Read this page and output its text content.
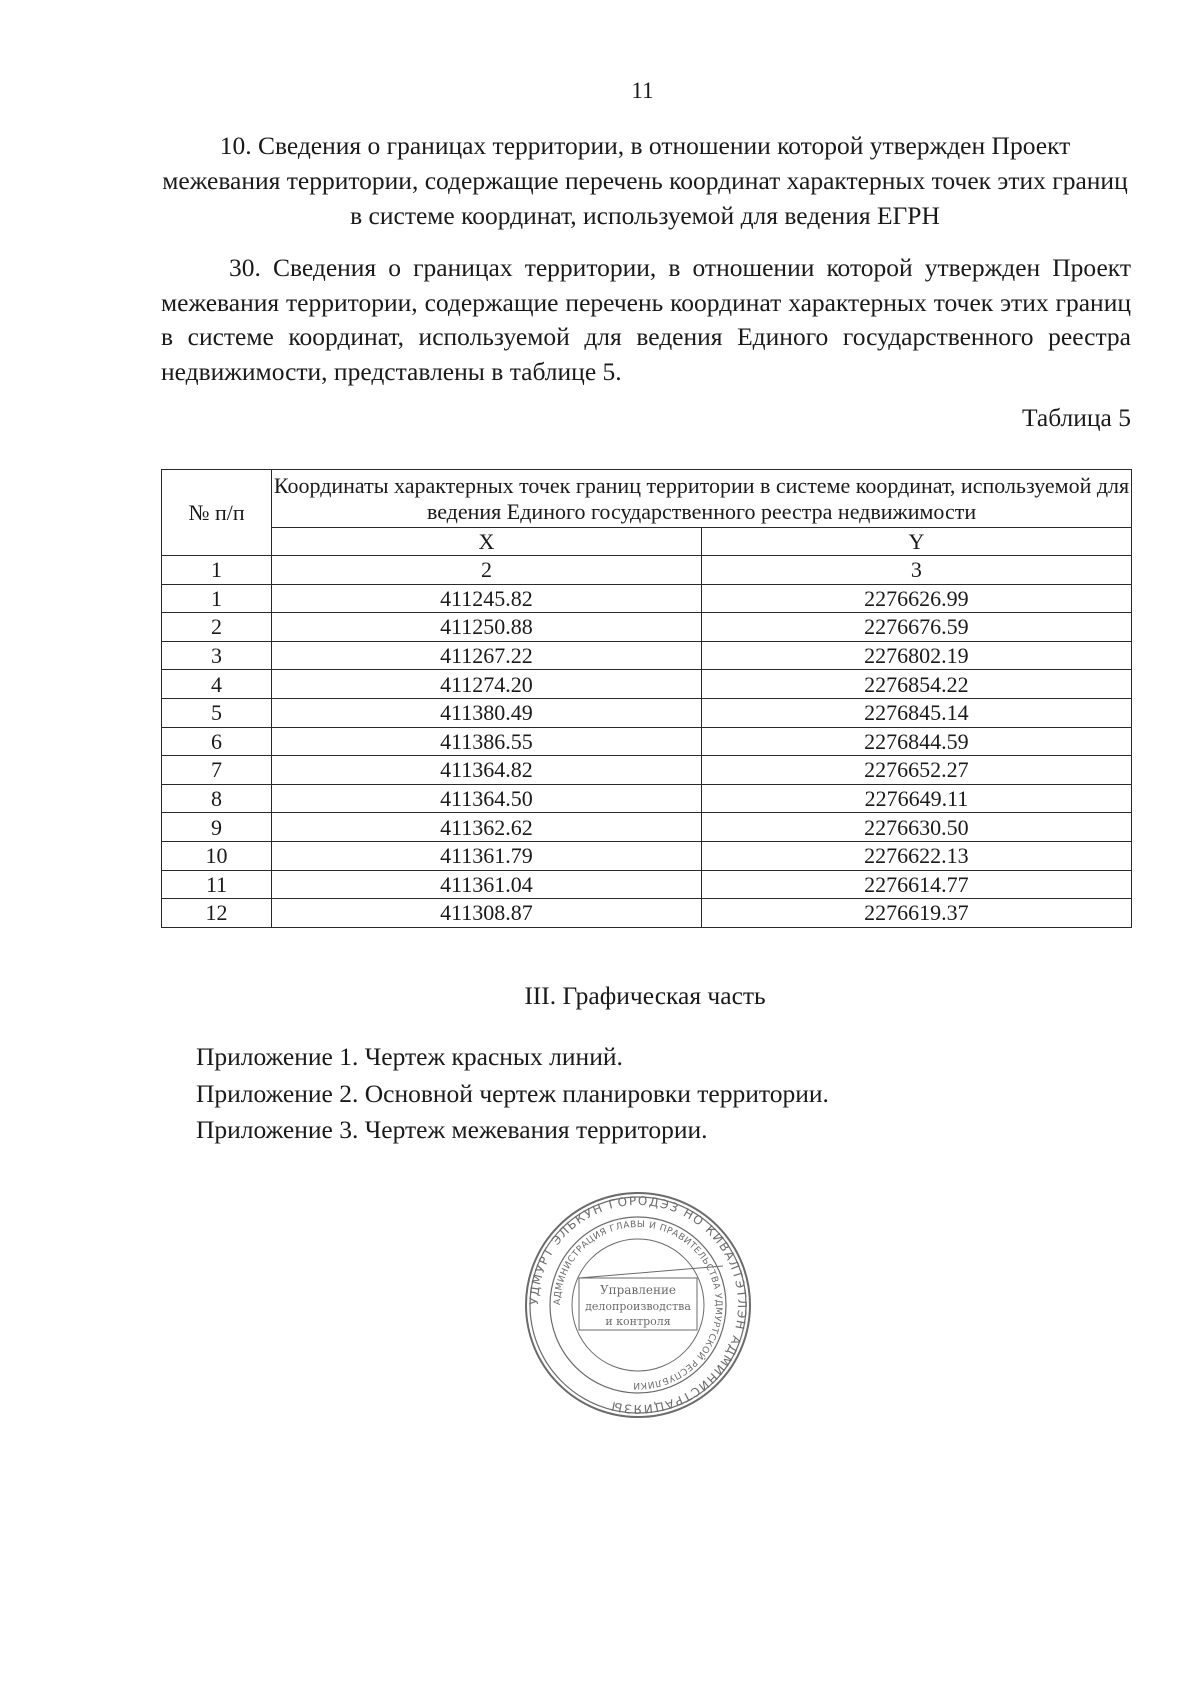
11
10. Сведения о границах территории, в отношении которой утвержден Проект межевания территории, содержащие перечень координат характерных точек этих границ в системе координат, используемой для ведения ЕГРН
30. Сведения о границах территории, в отношении которой утвержден Проект межевания территории, содержащие перечень координат характерных точек этих границ в системе координат, используемой для ведения Единого государственного реестра недвижимости, представлены в таблице 5.
Таблица 5
№ п/п	Координаты характерных точек границ территории в системе координат, используемой для ведения Единого государственного реестра недвижимости	
	X	Y
1	2	3
1	411245.82	2276626.99
2	411250.88	2276676.59
3	411267.22	2276802.19
4	411274.20	2276854.22
5	411380.49	2276845.14
6	411386.55	2276844.59
7	411364.82	2276652.27
8	411364.50	2276649.11
9	411362.62	2276630.50
10	411361.79	2276622.13
11	411361.04	2276614.77
12	411308.87	2276619.37
III. Графическая часть
Приложение 1. Чертеж красных линий.
Приложение 2. Основной чертеж планировки территории.
Приложение 3. Чертеж межевания территории.
УДМУРТ ЭЛЬКУН ГОРОДЭЗ НО КИВАЛТЭТЛЭН АДМИНИСТРАЦИЯЗЫ
АДМИНИСТРАЦИЯ ГЛАВЫ И ПРАВИТЕЛЬСТВА УДМУРТСКОЙ РЕСПУБЛИКИ
Управление
делопроизводства
и контроля
